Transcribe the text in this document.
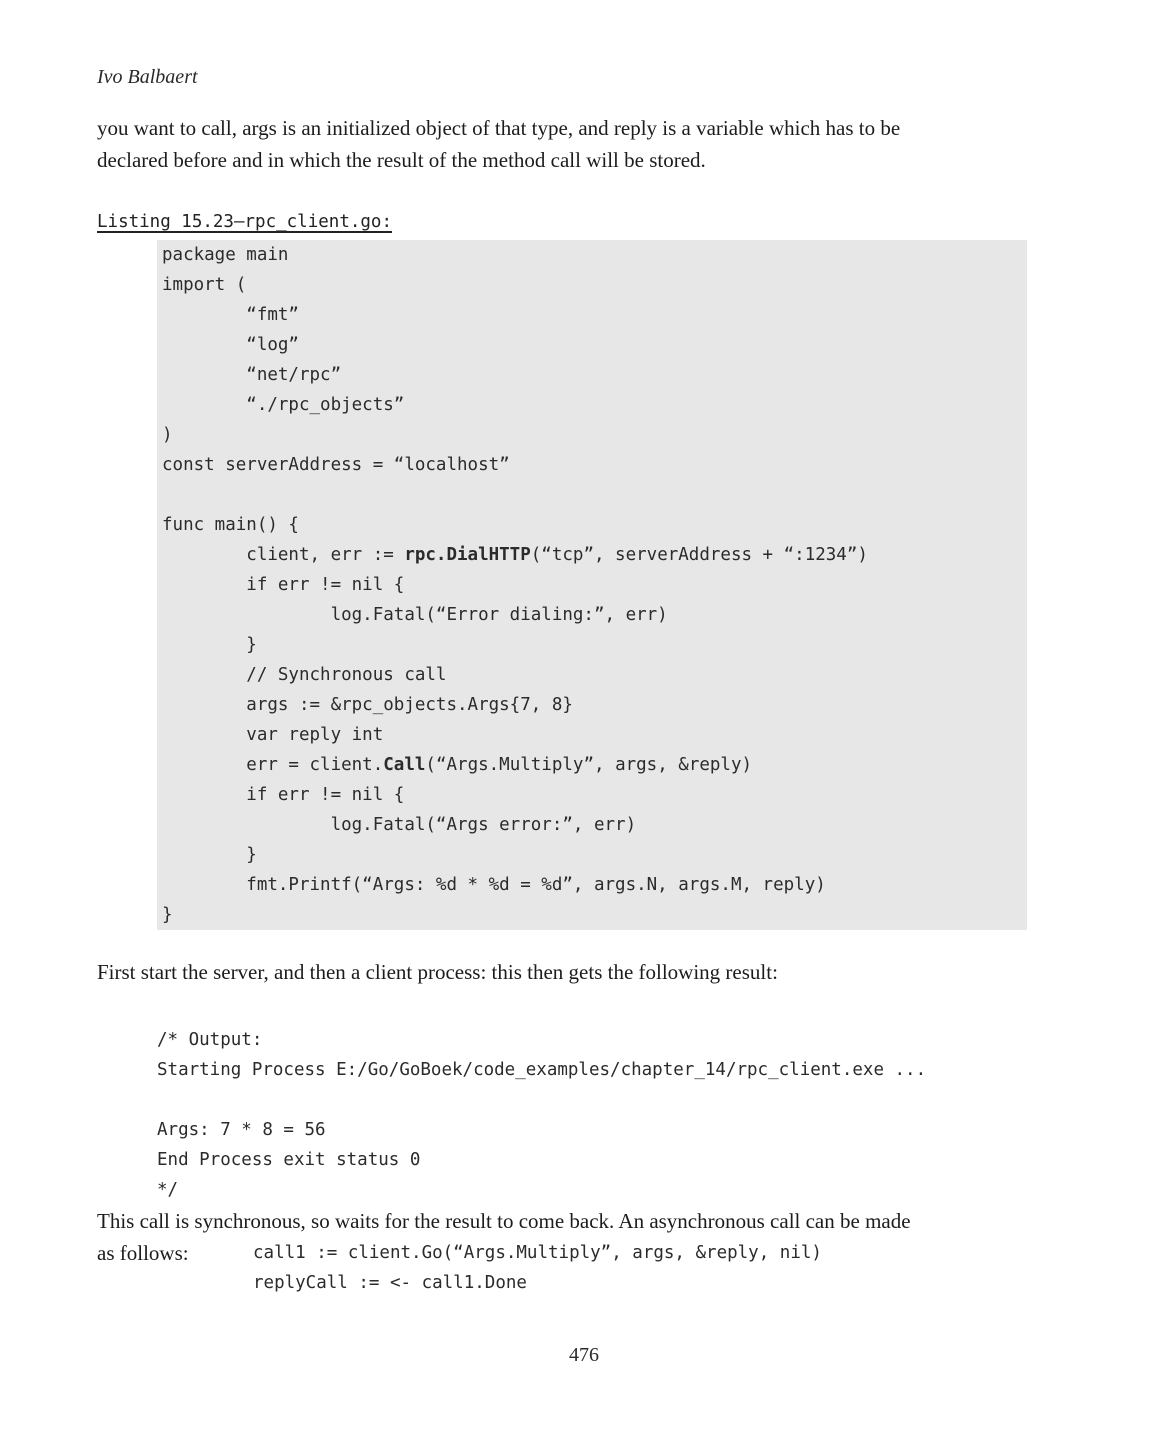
Ivo Balbaert
you want to call, args is an initialized object of that type, and reply is a variable which has to be
declared before and in which the result of the method call will be stored.
Listing 15.23—rpc_client.go:
package main
import (
“fmt”
“log”
“net/rpc”
“./rpc_objects”
)
const serverAddress = “localhost”

func main() {
client, err := rpc.DialHTTP(“tcp”, serverAddress + “:1234”)
if err != nil {
log.Fatal(“Error dialing:”, err)
}
// Synchronous call
args := &rpc_objects.Args{7, 8}
var reply int
err = client.Call(“Args.Multiply”, args, &reply)
if err != nil {
log.Fatal(“Args error:”, err)
}
fmt.Printf(“Args: %d * %d = %d”, args.N, args.M, reply)
}
First start the server, and then a client process: this then gets the following result:
/* Output:
Starting Process E:/Go/GoBoek/code_examples/chapter_14/rpc_client.exe ...

Args: 7 * 8 = 56
End Process exit status 0
*/
This call is synchronous, so waits for the result to come back. An asynchronous call can be made
as follows:	call1 := client.Go(“Args.Multiply”, args, &reply, nil)
replyCall := <- call1.Done
476
